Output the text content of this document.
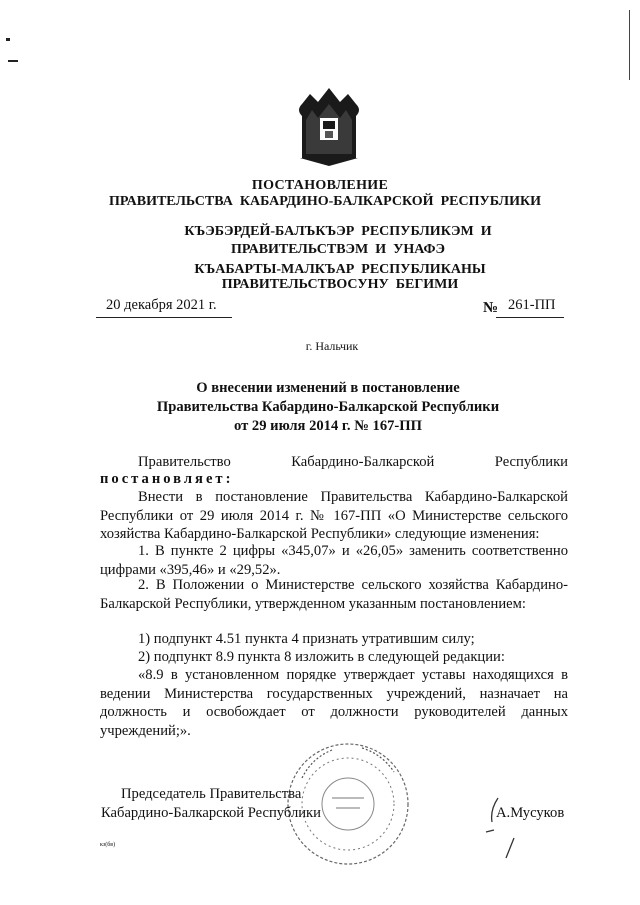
ПОСТАНОВЛЕНИЕ
ПРАВИТЕЛЬСТВА  КАБАРДИНО-БАЛКАРСКОЙ  РЕСПУБЛИКИ
КЪЭБЭРДЕЙ-БАЛЪКЪЭР  РЕСПУБЛИКЭМ  И  ПРАВИТЕЛЬСТВЭМ  И  УНАФЭ
КЪАБАРТЫ-МАЛКЪАР  РЕСПУБЛИКАНЫ  ПРАВИТЕЛЬСТВОСУНУ  БЕГИМИ
20 декабря 2021 г.	№ 261-ПП
г. Нальчик
О внесении изменений в постановление
Правительства Кабардино-Балкарской Республики
от 29 июля 2014 г. № 167-ПП
Правительство	Кабардино-Балкарской	Республики
постановляет:
Внести в постановление Правительства Кабардино-Балкарской Республики от 29 июля 2014 г. № 167-ПП «О Министерстве сельского хозяйства Кабардино-Балкарской Республики» следующие изменения:
1. В пункте 2 цифры «345,07» и «26,05» заменить соответственно цифрами «395,46» и «29,52».
2. В Положении о Министерстве сельского хозяйства Кабардино-Балкарской Республики, утвержденном указанным постановлением:
1) подпункт 4.51 пункта 4 признать утратившим силу;
2) подпункт 8.9 пункта 8 изложить в следующей редакции:
«8.9 в установленном порядке утверждает уставы находящихся в ведении Министерства государственных учреждений, назначает на должность и освобождает от должности руководителей данных учреждений;».
Председатель Правительства
Кабардино-Балкарской Республики	А.Мусуков
кз(бв)
